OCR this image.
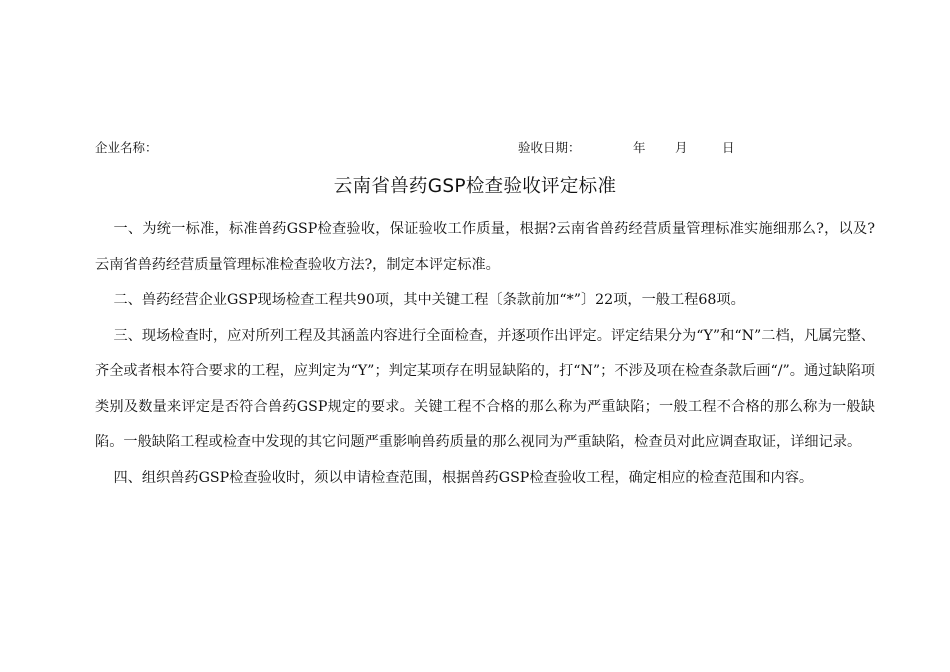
企业名称：	验收日期：	年 月	日
云南省兽药GSP检查验收评定标准

一、为统一标准，标准兽药GSP检查验收，保证验收工作质量，根据?云南省兽药经营质量管理标准实施细那么?，以及?云南省兽药经营质量管理标准检查验收方法?，制定本评定标准。

二、兽药经营企业GSP现场检查工程共90项，其中关键工程〔条款前加“*”〕22项，一般工程68项。

三、现场检查时，应对所列工程及其涵盖内容进行全面检查，并逐项作出评定。评定结果分为“Y”和“N”二档，凡属完整、齐全或者根本符合要求的工程，应判定为“Y”；判定某项存在明显缺陷的，打“N”；不涉及项在检查条款后画“/”。通过缺陷项类别及数量来评定是否符合兽药GSP规定的要求。关键工程不合格的那么称为严重缺陷；一般工程不合格的那么称为一般缺陷。一般缺陷工程或检查中发现的其它问题严重影响兽药质量的那么视同为严重缺陷，检查员对此应调查取证，详细记录。

四、组织兽药GSP检查验收时，须以申请检查范围，根据兽药GSP检查验收工程，确定相应的检查范围和内容。
